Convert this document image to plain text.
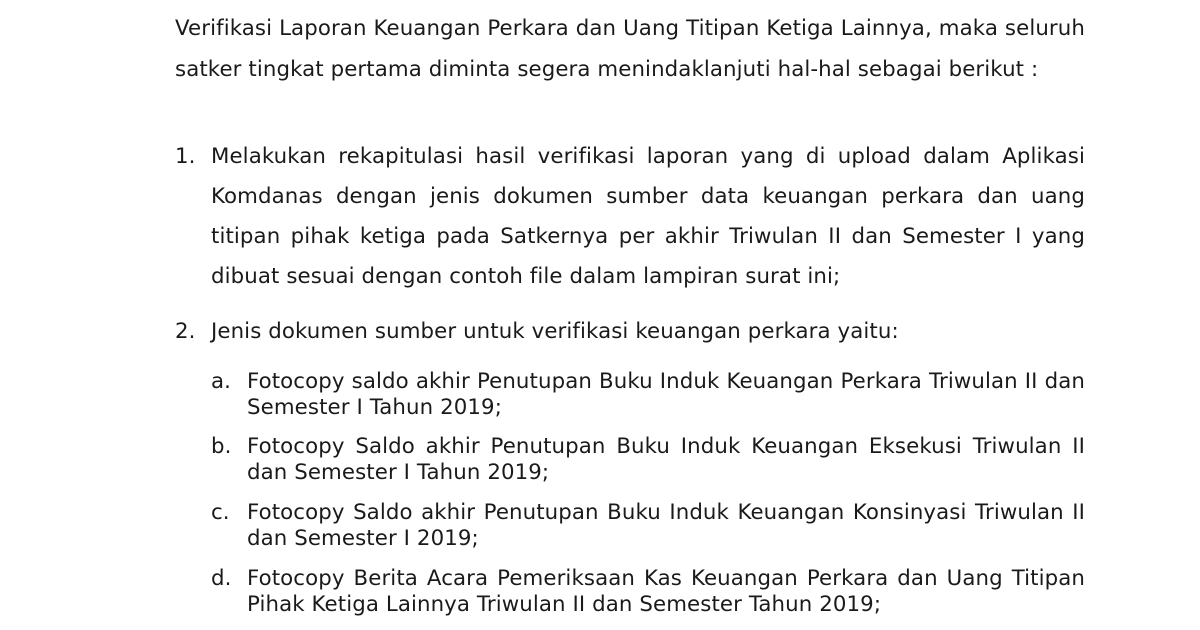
Verifikasi Laporan Keuangan Perkara dan Uang Titipan Ketiga Lainnya, maka seluruh satker tingkat pertama diminta segera menindaklanjuti hal-hal sebagai berikut :

1. Melakukan rekapitulasi hasil verifikasi laporan yang di upload dalam Aplikasi Komdanas dengan jenis dokumen sumber data keuangan perkara dan uang titipan pihak ketiga pada Satkernya per akhir Triwulan II dan Semester I yang dibuat sesuai dengan contoh file dalam lampiran surat ini;
2. Jenis dokumen sumber untuk verifikasi keuangan perkara yaitu:
a. Fotocopy saldo akhir Penutupan Buku Induk Keuangan Perkara Triwulan II dan Semester I Tahun 2019;
b. Fotocopy Saldo akhir Penutupan Buku Induk Keuangan Eksekusi Triwulan II dan Semester I Tahun 2019;
c. Fotocopy Saldo akhir Penutupan Buku Induk Keuangan Konsinyasi Triwulan II dan Semester I 2019;
d. Fotocopy Berita Acara Pemeriksaan Kas Keuangan Perkara dan Uang Titipan Pihak Ketiga Lainnya Triwulan II dan Semester Tahun 2019;
